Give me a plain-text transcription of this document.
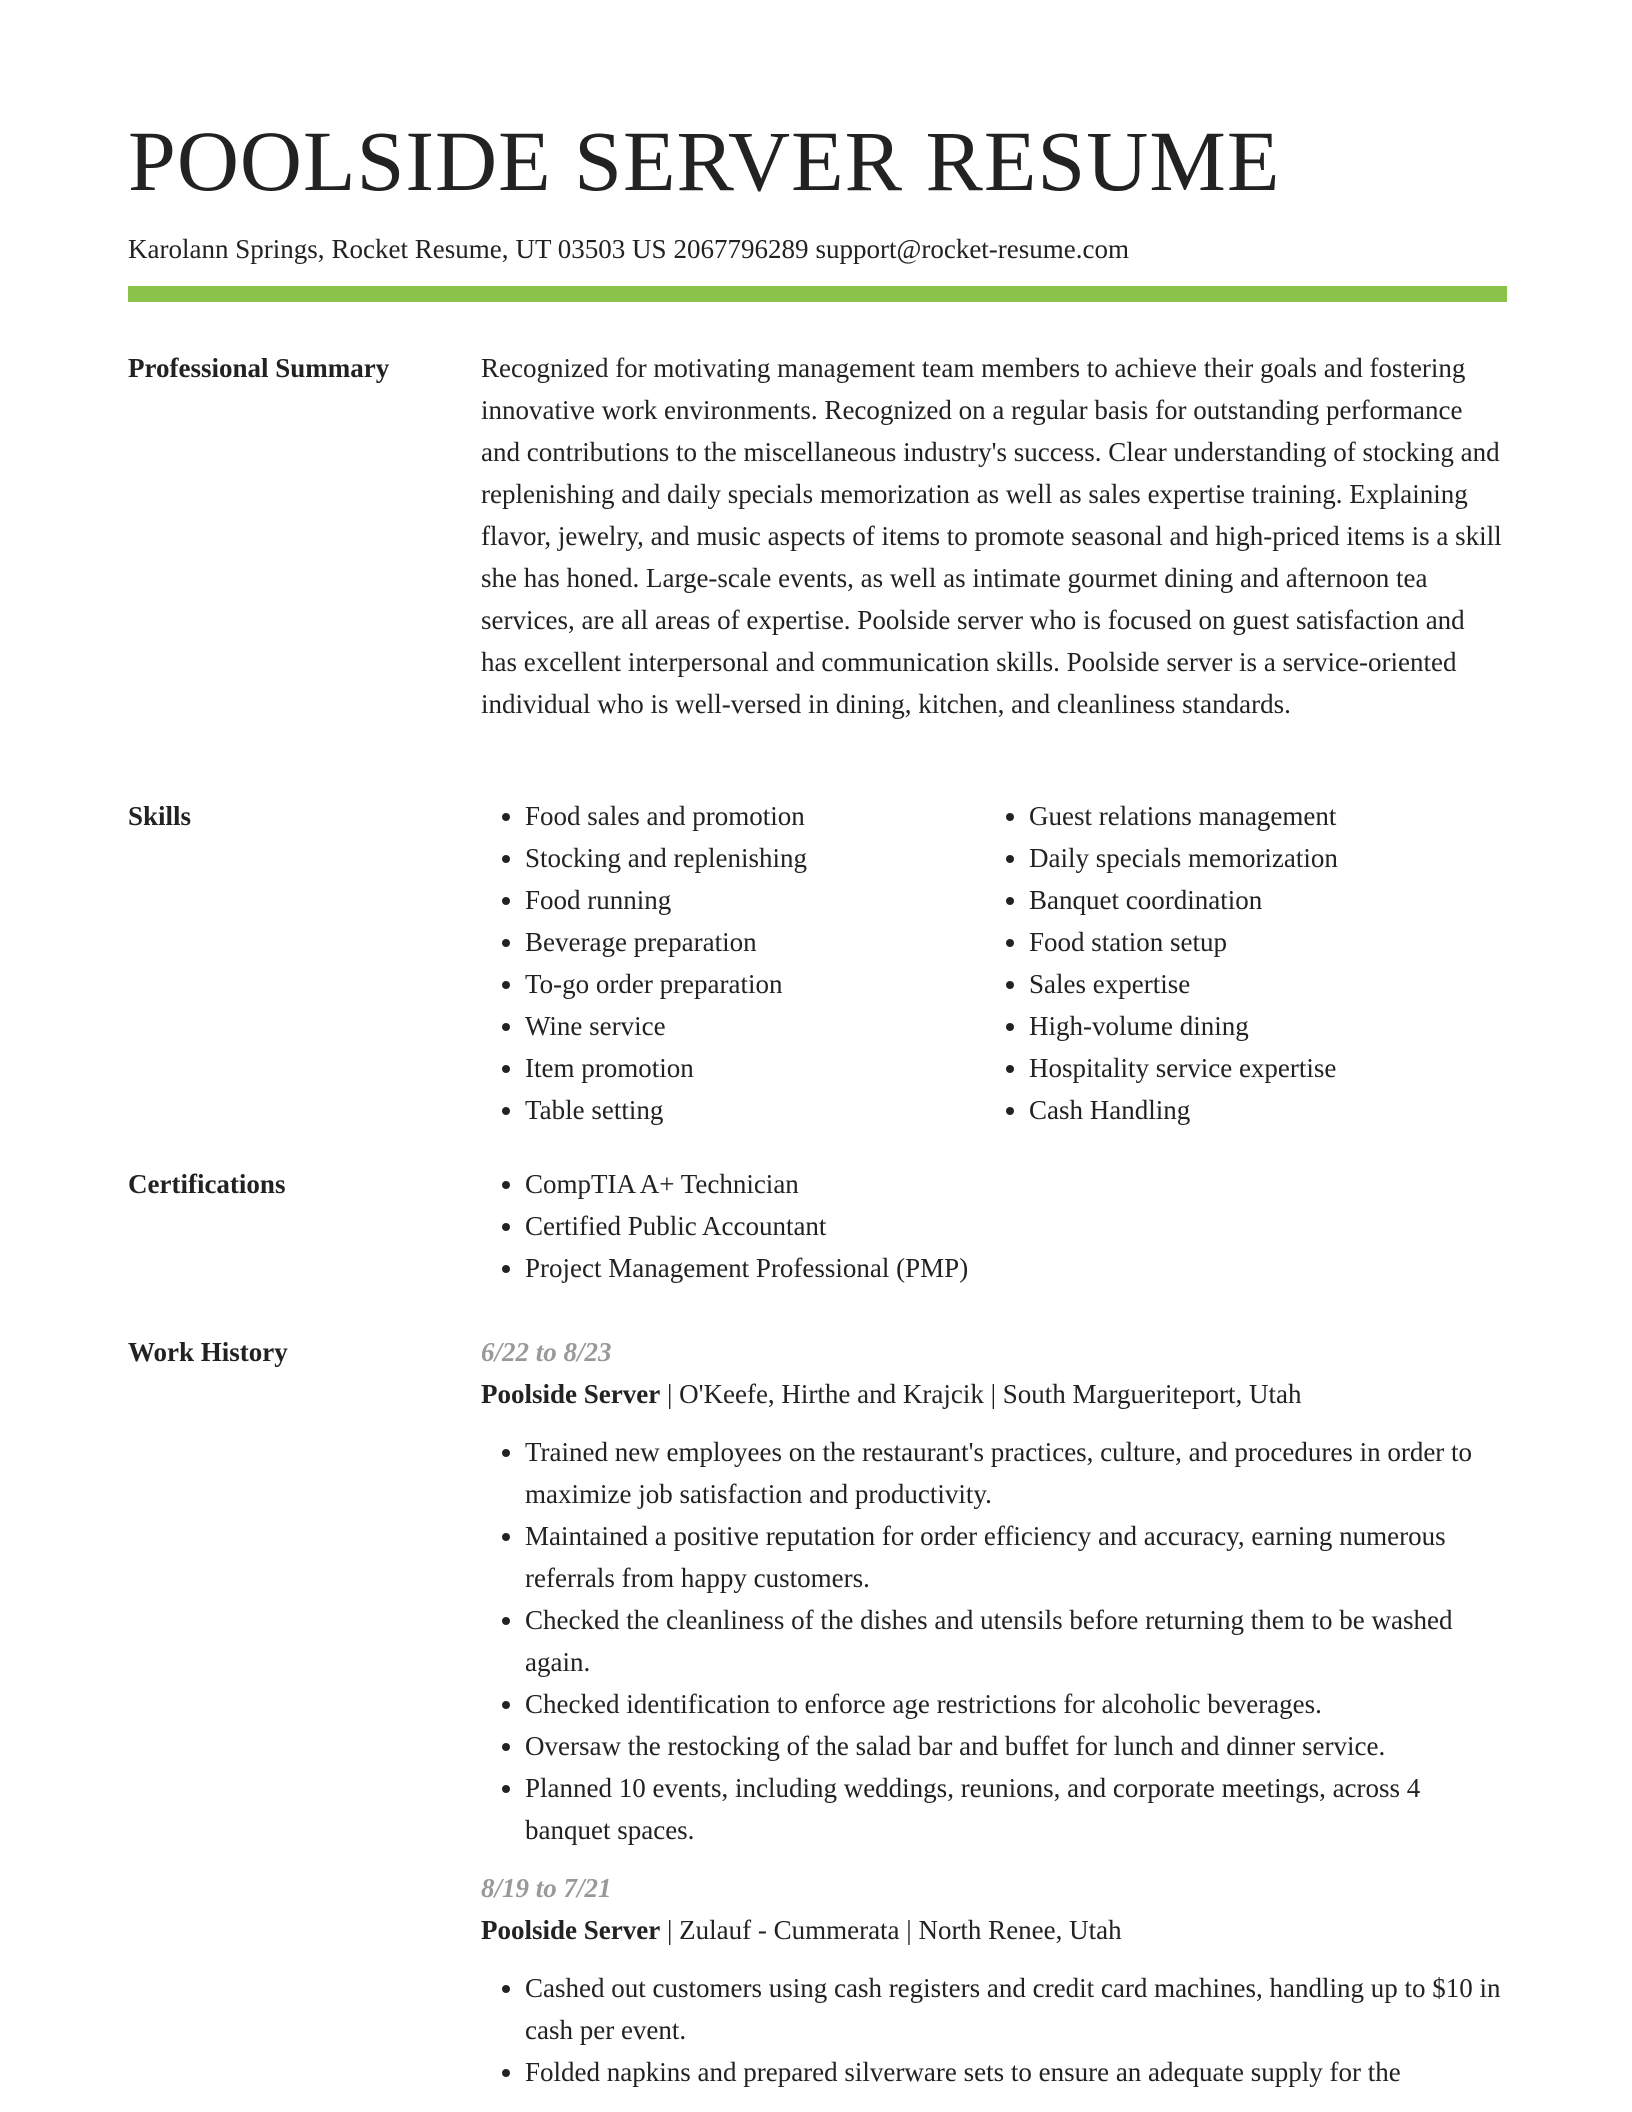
POOLSIDE SERVER RESUME
Karolann Springs, Rocket Resume, UT 03503 US 2067796289 support@rocket-resume.com
Professional Summary	Recognized for motivating management team members to achieve their goals and fostering innovative work environments. Recognized on a regular basis for outstanding performance and contributions to the miscellaneous industry's success. Clear understanding of stocking and replenishing and daily specials memorization as well as sales expertise training. Explaining flavor, jewelry, and music aspects of items to promote seasonal and high-priced items is a skill she has honed. Large-scale events, as well as intimate gourmet dining and afternoon tea services, are all areas of expertise. Poolside server who is focused on guest satisfaction and has excellent interpersonal and communication skills. Poolside server is a service-oriented individual who is well-versed in dining, kitchen, and cleanliness standards.

Skills	• Food sales and promotion
• Stocking and replenishing
• Food running
• Beverage preparation
• To-go order preparation
• Wine service
• Item promotion
• Table setting
• Guest relations management
• Daily specials memorization
• Banquet coordination
• Food station setup
• Sales expertise
• High-volume dining
• Hospitality service expertise
• Cash Handling
Certifications	• CompTIA A+ Technician
• Certified Public Accountant
• Project Management Professional (PMP)
Work History	6/22 to 8/23
Poolside Server | O'Keefe, Hirthe and Krajcik | South Margueriteport, Utah
• Trained new employees on the restaurant's practices, culture, and procedures in order to maximize job satisfaction and productivity.
• Maintained a positive reputation for order efficiency and accuracy, earning numerous referrals from happy customers.
• Checked the cleanliness of the dishes and utensils before returning them to be washed again.
• Checked identification to enforce age restrictions for alcoholic beverages.
• Oversaw the restocking of the salad bar and buffet for lunch and dinner service.
• Planned 10 events, including weddings, reunions, and corporate meetings, across 4 banquet spaces.
8/19 to 7/21
Poolside Server | Zulauf - Cummerata | North Renee, Utah
• Cashed out customers using cash registers and credit card machines, handling up to $10 in cash per event.
• Folded napkins and prepared silverware sets to ensure an adequate supply for the
